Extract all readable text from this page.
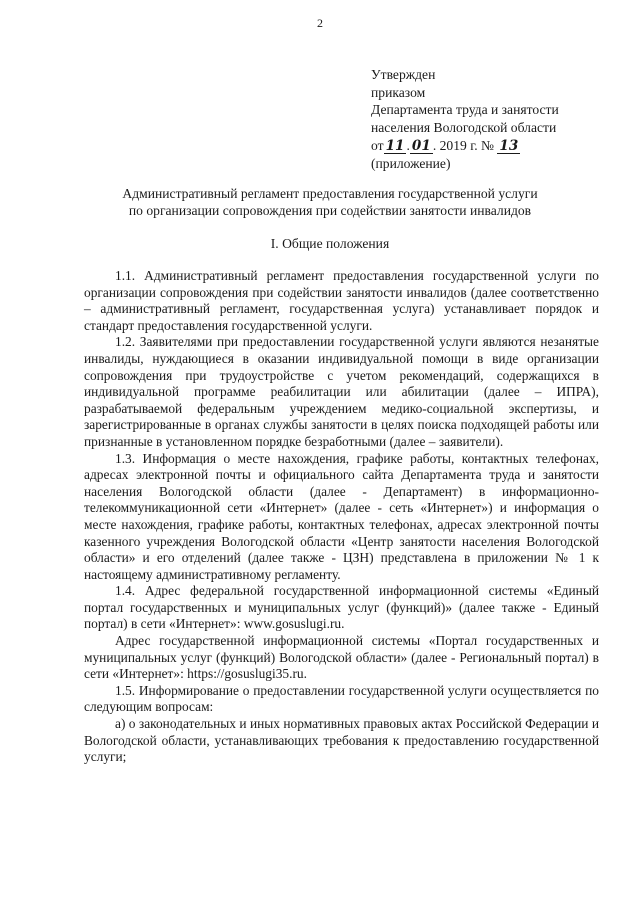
2
Утвержден
приказом
Департамента труда и занятости
населения Вологодской области
от 11 . 01 . 2019 г. № 13
(приложение)
Административный регламент предоставления государственной услуги
по организации сопровождения при содействии занятости инвалидов
I. Общие положения

1.1. Административный регламент предоставления государственной услуги по организации сопровождения при содействии занятости инвалидов (далее соответственно – административный регламент, государственная услуга) устанавливает порядок и стандарт предоставления государственной услуги.

1.2. Заявителями при предоставлении государственной услуги являются незанятые инвалиды, нуждающиеся в оказании индивидуальной помощи в виде организации сопровождения при трудоустройстве с учетом рекомендаций, содержащихся в индивидуальной программе реабилитации или абилитации (далее – ИПРА), разрабатываемой федеральным учреждением медико-социальной экспертизы, и зарегистрированные в органах службы занятости в целях поиска подходящей работы или признанные в установленном порядке безработными (далее – заявители).

1.3. Информация о месте нахождения, графике работы, контактных телефонах, адресах электронной почты и официального сайта Департамента труда и занятости населения Вологодской области (далее - Департамент) в информационно-телекоммуникационной сети «Интернет» (далее - сеть «Интернет») и информация о месте нахождения, графике работы, контактных телефонах, адресах электронной почты казенного учреждения Вологодской области «Центр занятости населения Вологодской области» и его отделений (далее также - ЦЗН) представлена в приложении № 1 к настоящему административному регламенту.

1.4. Адрес федеральной государственной информационной системы «Единый портал государственных и муниципальных услуг (функций)» (далее также - Единый портал) в сети «Интернет»: www.gosuslugi.ru.

Адрес государственной информационной системы «Портал государственных и муниципальных услуг (функций) Вологодской области» (далее - Региональный портал) в сети «Интернет»: https://gosuslugi35.ru.

1.5. Информирование о предоставлении государственной услуги осуществляется по следующим вопросам:

а) о законодательных и иных нормативных правовых актах Российской Федерации и Вологодской области, устанавливающих требования к предоставлению государственной услуги;
